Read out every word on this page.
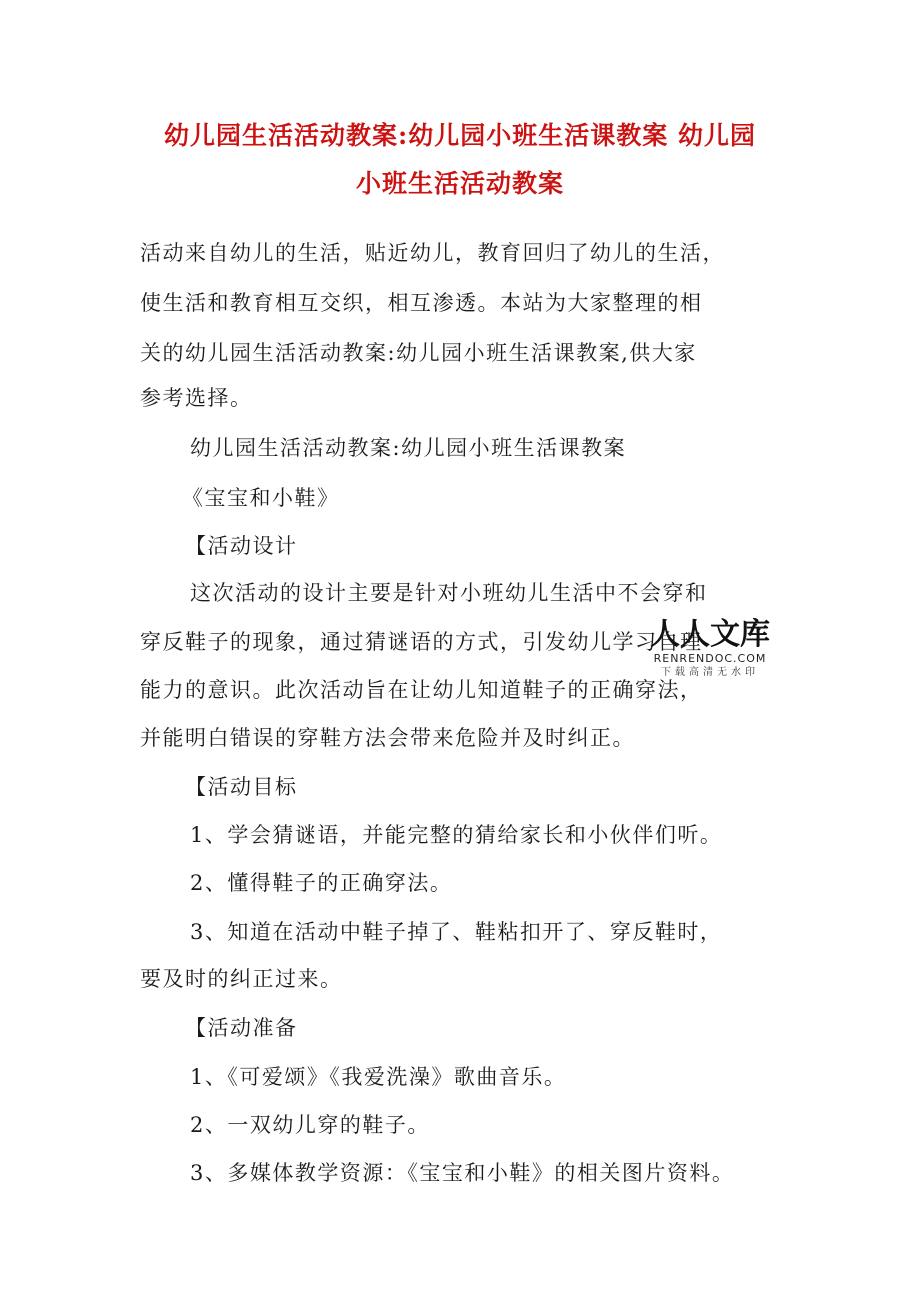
幼儿园生活活动教案:幼儿园小班生活课教案 幼儿园
小班生活活动教案
活动来自幼儿的生活，贴近幼儿，教育回归了幼儿的生活，
使生活和教育相互交织，相互渗透。本站为大家整理的相
关的幼儿园生活活动教案:幼儿园小班生活课教案,供大家
参考选择。
幼儿园生活活动教案:幼儿园小班生活课教案
《宝宝和小鞋》
【活动设计
这次活动的设计主要是针对小班幼儿生活中不会穿和
穿反鞋子的现象，通过猜谜语的方式，引发幼儿学习自理
能力的意识。此次活动旨在让幼儿知道鞋子的正确穿法，
并能明白错误的穿鞋方法会带来危险并及时纠正。
【活动目标
1、学会猜谜语，并能完整的猜给家长和小伙伴们听。
2、懂得鞋子的正确穿法。
3、知道在活动中鞋子掉了、鞋粘扣开了、穿反鞋时，
要及时的纠正过来。
【活动准备
1、《可爱颂》《我爱洗澡》歌曲音乐。
2、一双幼儿穿的鞋子。
3、多媒体教学资源：《宝宝和小鞋》的相关图片资料。
人人文库
RENRENDOC.COM
下载高清无水印
